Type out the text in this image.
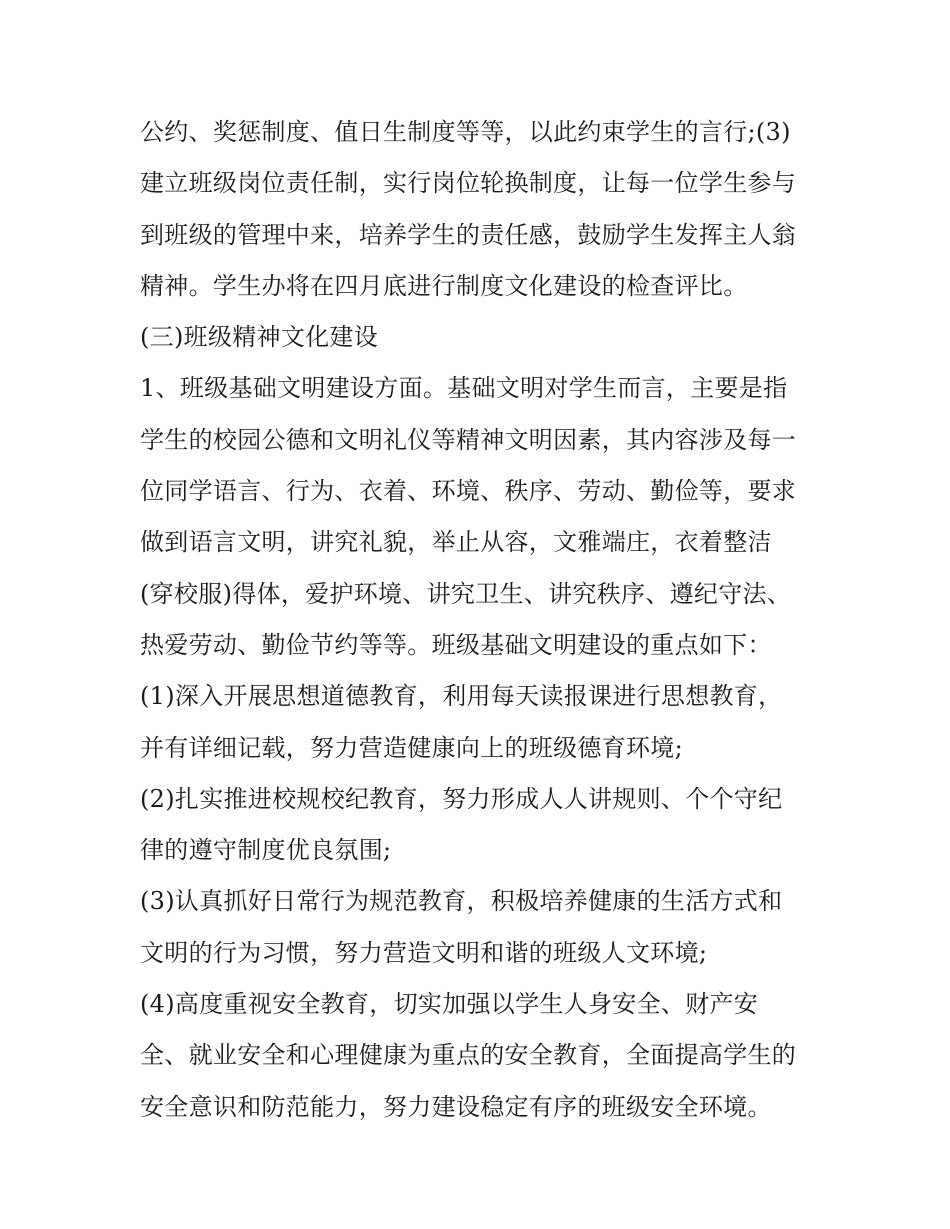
公约、奖惩制度、值日生制度等等，以此约束学生的言行;(3)
建立班级岗位责任制，实行岗位轮换制度，让每一位学生参与
到班级的管理中来，培养学生的责任感，鼓励学生发挥主人翁
精神。学生办将在四月底进行制度文化建设的检查评比。
(三)班级精神文化建设
1、班级基础文明建设方面。基础文明对学生而言，主要是指
学生的校园公德和文明礼仪等精神文明因素，其内容涉及每一
位同学语言、行为、衣着、环境、秩序、劳动、勤俭等，要求
做到语言文明，讲究礼貌，举止从容，文雅端庄，衣着整洁
(穿校服)得体，爱护环境、讲究卫生、讲究秩序、遵纪守法、
热爱劳动、勤俭节约等等。班级基础文明建设的重点如下：
(1)深入开展思想道德教育，利用每天读报课进行思想教育，
并有详细记载，努力营造健康向上的班级德育环境;
(2)扎实推进校规校纪教育，努力形成人人讲规则、个个守纪
律的遵守制度优良氛围;
(3)认真抓好日常行为规范教育，积极培养健康的生活方式和
文明的行为习惯，努力营造文明和谐的班级人文环境;
(4)高度重视安全教育，切实加强以学生人身安全、财产安
全、就业安全和心理健康为重点的安全教育，全面提高学生的
安全意识和防范能力，努力建设稳定有序的班级安全环境。
